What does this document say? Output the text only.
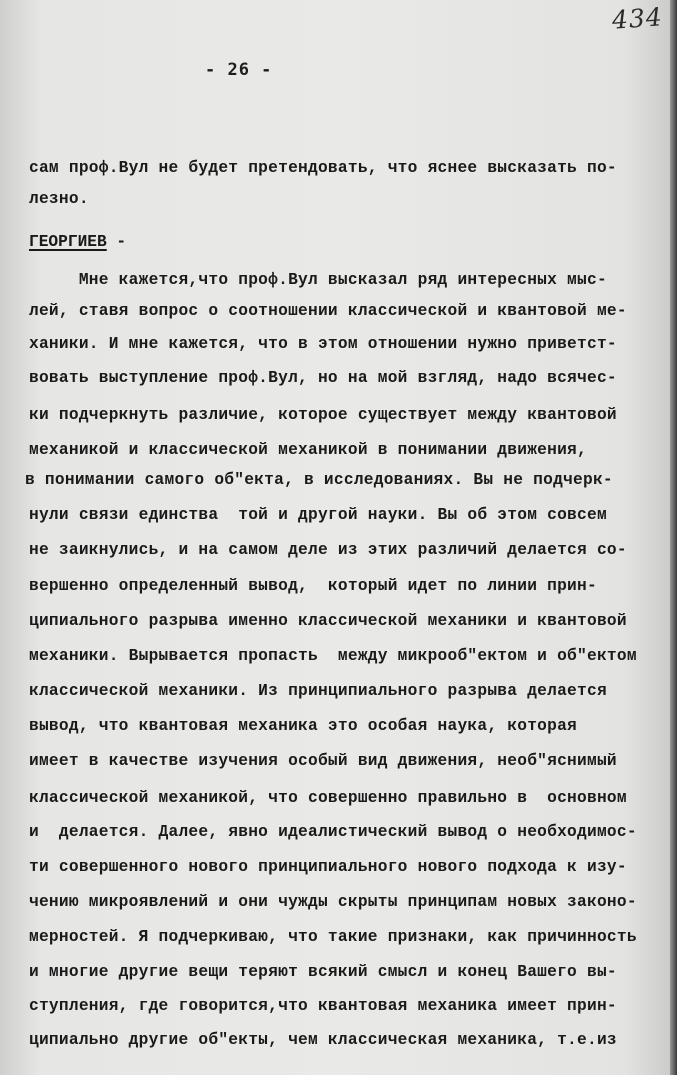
434
- 26 -
сам проф.Вул не будет претендовать, что яснее высказать по-
лезно.
ГЕОРГИЕВ -
Мне кажется,что проф.Вул высказал ряд интересных мыс-
лей, ставя вопрос о соотношении классической и квантовой ме-
ханики. И мне кажется, что в этом отношении нужно приветст-
вовать выступление проф.Вул, но на мой взгляд, надо всячес-
ки подчеркнуть различие, которое существует между квантовой
механикой и классической механикой в понимании движения,
в понимании самого об"екта, в исследованиях. Вы не подчерк-
нули связи единства  той и другой науки. Вы об этом совсем
не заикнулись, и на самом деле из этих различий делается со-
вершенно определенный вывод,  который идет по линии прин-
ципиального разрыва именно классической механики и квантовой
механики. Вырывается пропасть  между микрооб"ектом и об"ектом
классической механики. Из принципиального разрыва делается
вывод, что квантовая механика это особая наука, которая
имеет в качестве изучения особый вид движения, необ"яснимый
классической механикой, что совершенно правильно в  основном
и  делается. Далее, явно идеалистический вывод о необходимос-
ти совершенного нового принципиального нового подхода к изу-
чению микроявлений и они чужды скрыты принципам новых законо-
мерностей. Я подчеркиваю, что такие признаки, как причинность
и многие другие вещи теряют всякий смысл и конец Вашего вы-
ступления, где говорится,что квантовая механика имеет прин-
ципиально другие об"екты, чем классическая механика, т.е.из
